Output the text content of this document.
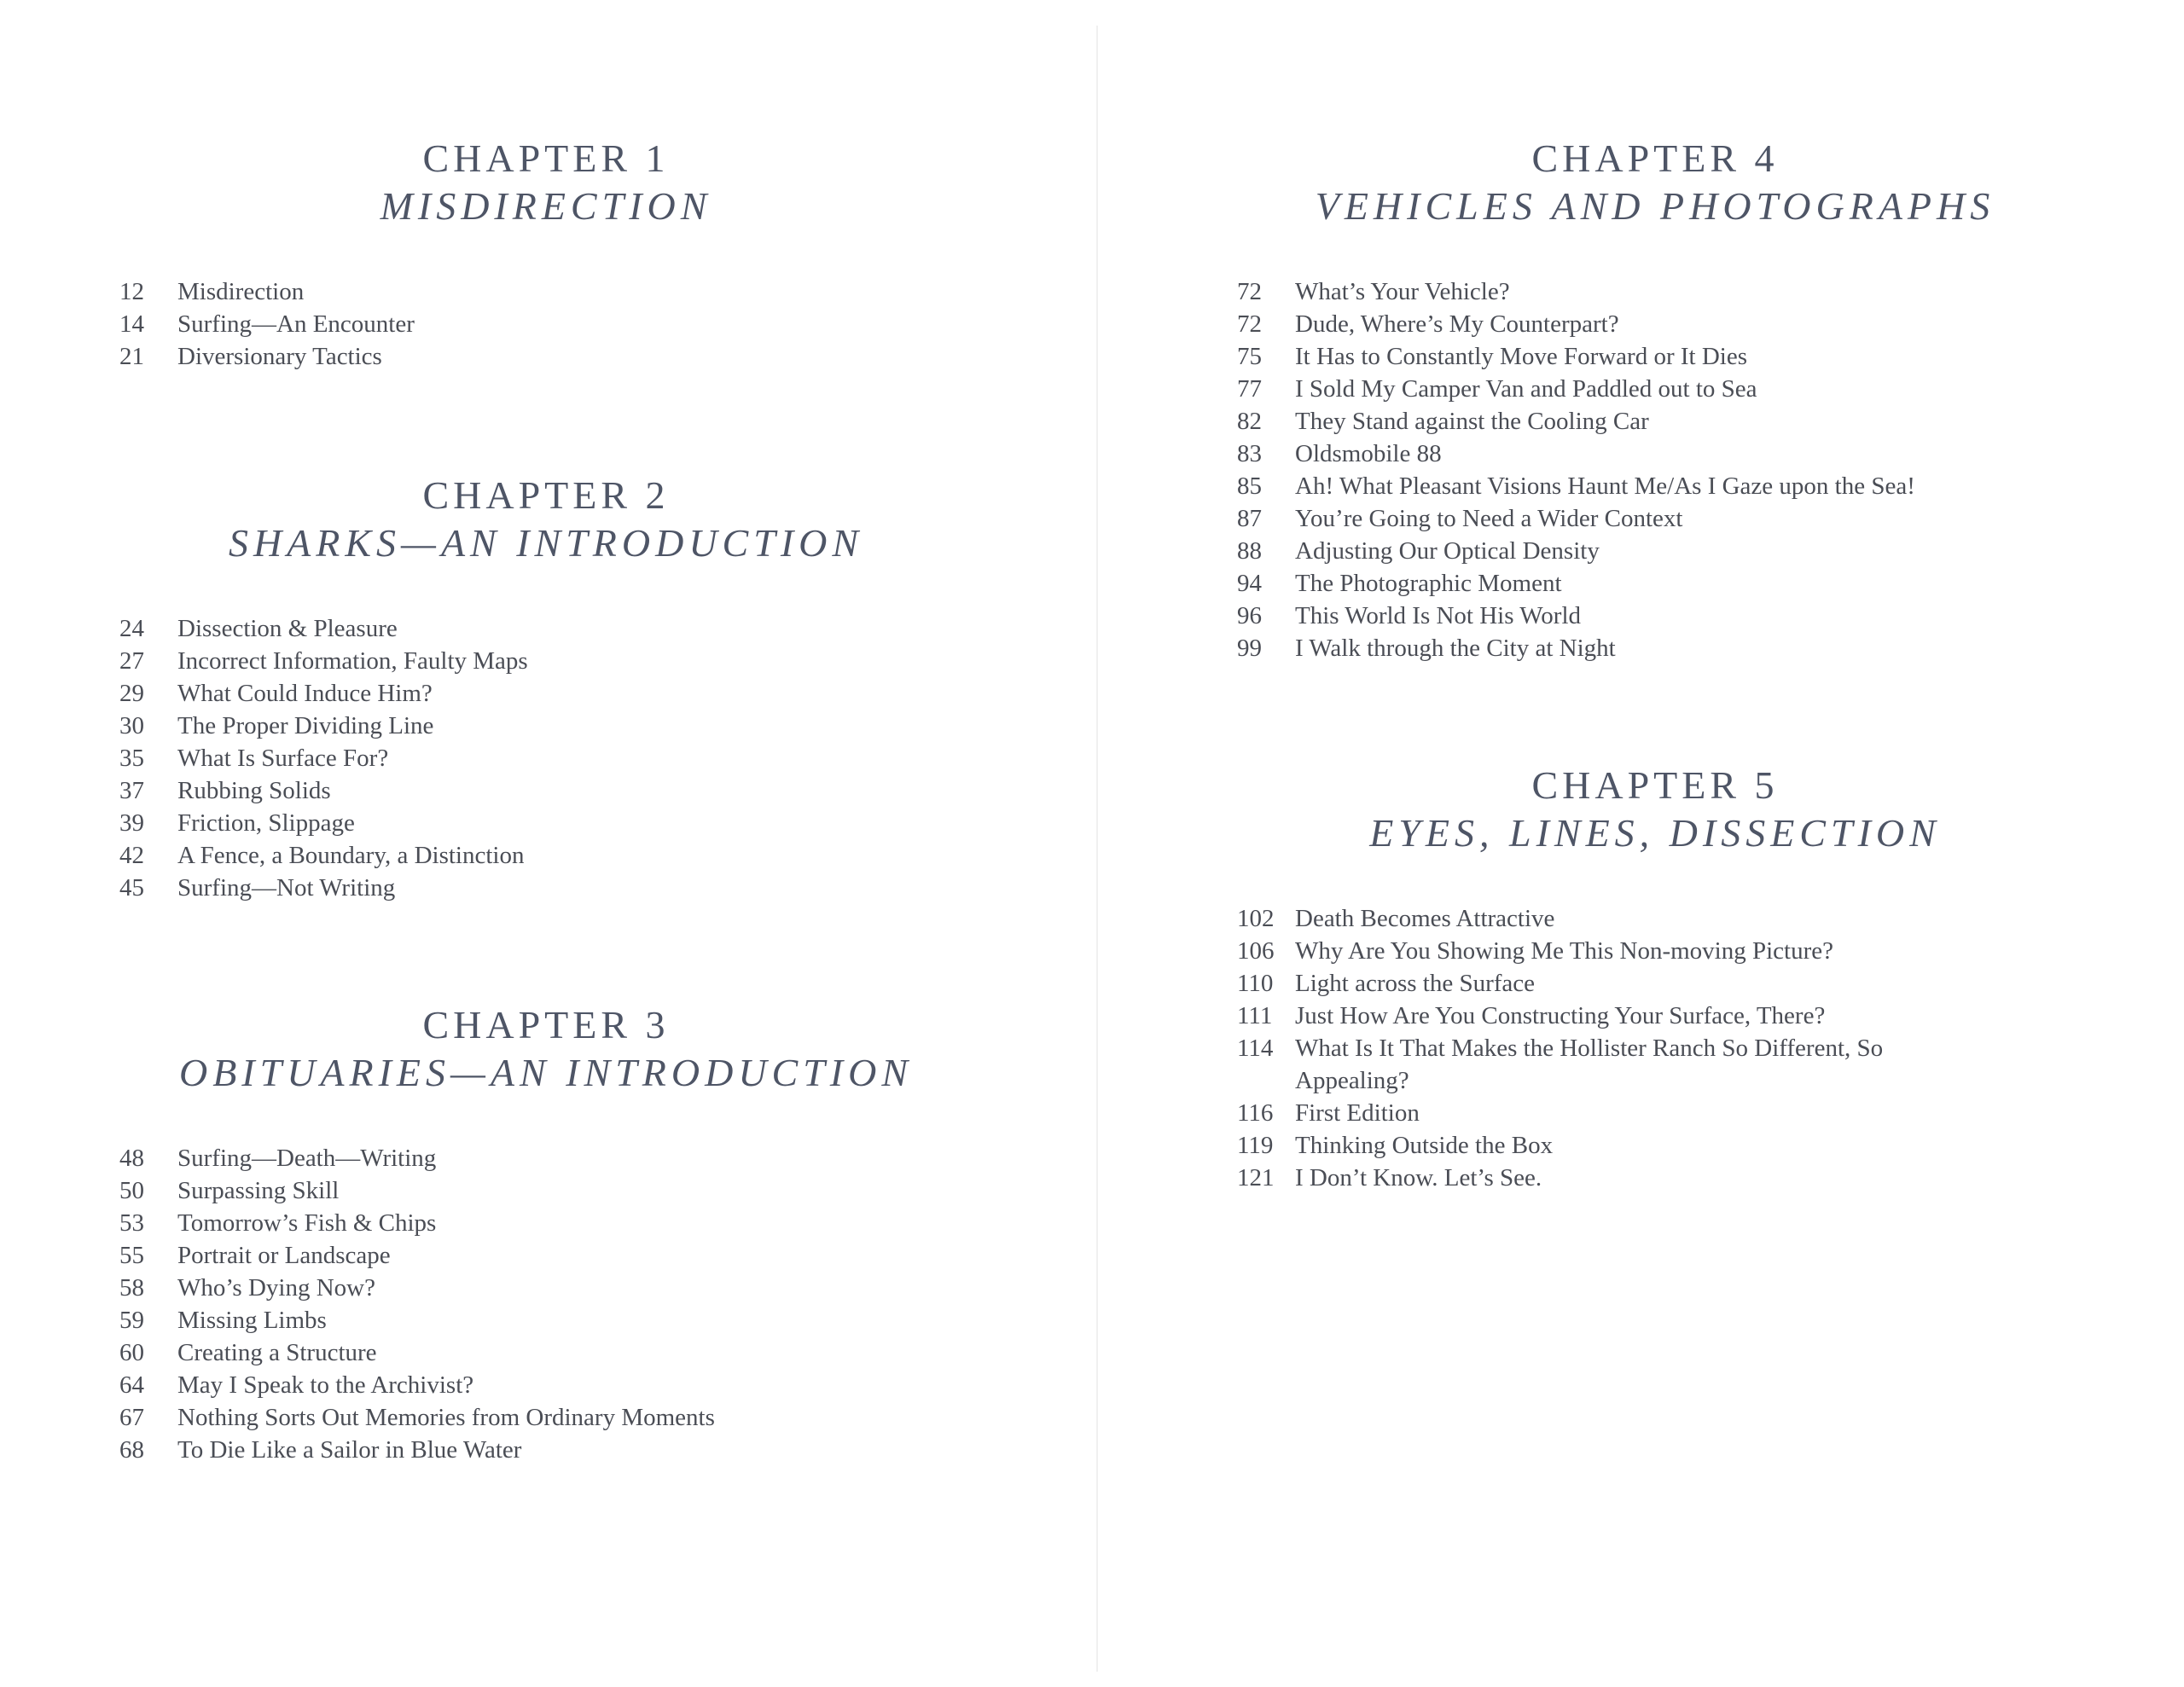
CHAPTER 1
MISDIRECTION
12	Misdirection
14	Surfing—An Encounter
21	Diversionary Tactics
CHAPTER 2
SHARKS—AN INTRODUCTION
24	Dissection & Pleasure
27	Incorrect Information, Faulty Maps
29	What Could Induce Him?
30	The Proper Dividing Line
35	What Is Surface For?
37	Rubbing Solids
39	Friction, Slippage
42	A Fence, a Boundary, a Distinction
45	Surfing—Not Writing
CHAPTER 3
OBITUARIES—AN INTRODUCTION
48	Surfing—Death—Writing
50	Surpassing Skill
53	Tomorrow’s Fish & Chips
55	Portrait or Landscape
58	Who’s Dying Now?
59	Missing Limbs
60	Creating a Structure
64	May I Speak to the Archivist?
67	Nothing Sorts Out Memories from Ordinary Moments
68	To Die Like a Sailor in Blue Water
CHAPTER 4
VEHICLES AND PHOTOGRAPHS
72	What’s Your Vehicle?
72	Dude, Where’s My Counterpart?
75	It Has to Constantly Move Forward or It Dies
77	I Sold My Camper Van and Paddled out to Sea
82	They Stand against the Cooling Car
83	Oldsmobile 88
85	Ah! What Pleasant Visions Haunt Me/As I Gaze upon the Sea!
87	You’re Going to Need a Wider Context
88	Adjusting Our Optical Density
94	The Photographic Moment
96	This World Is Not His World
99	I Walk through the City at Night
CHAPTER 5
EYES, LINES, DISSECTION
102 Death Becomes Attractive
106 Why Are You Showing Me This Non-moving Picture?
110 Light across the Surface
111 Just How Are You Constructing Your Surface, There?
114 What Is It That Makes the Hollister Ranch So Different, So Appealing?
116 First Edition
119 Thinking Outside the Box
121 I Don’t Know. Let’s See.
